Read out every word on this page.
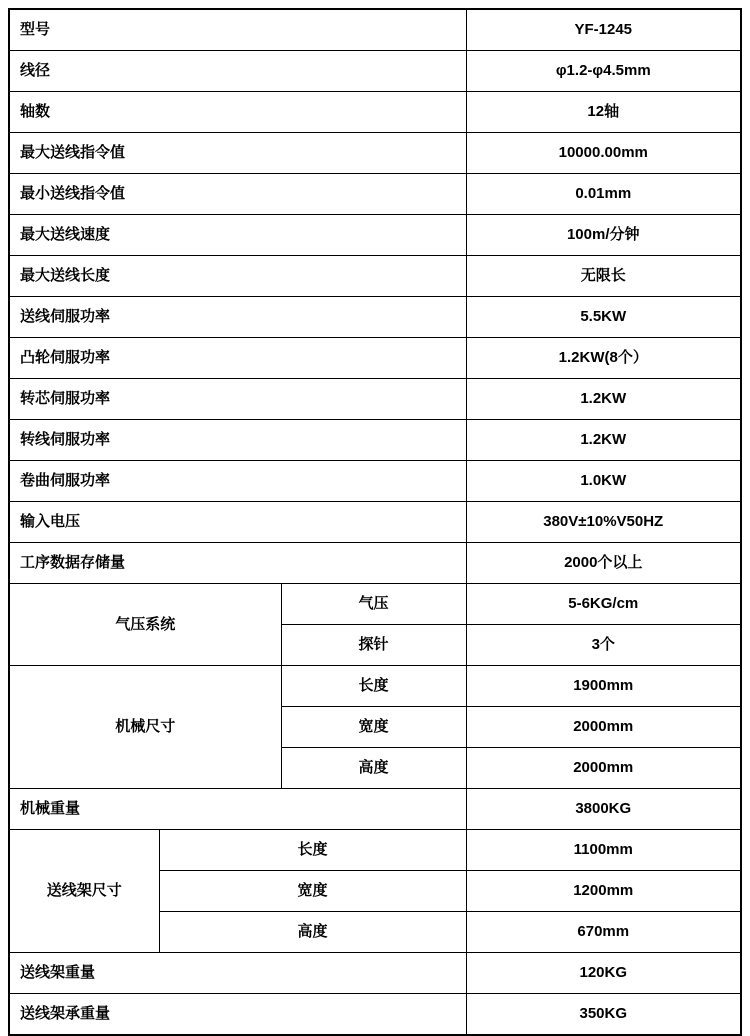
型号			YF-1245
线径			φ1.2-φ4.5mm
轴数			12轴
最大送线指令值			10000.00mm
最小送线指令值			0.01mm
最大送线速度			100m/分钟
最大送线长度			无限长
送线伺服功率			5.5KW
凸轮伺服功率			1.2KW(8个）
转芯伺服功率			1.2KW
转线伺服功率			1.2KW
卷曲伺服功率			1.0KW
输入电压			380V±10%V50HZ
工序数据存储量			2000个以上
气压系统		气压	5-6KG/cm
		探针	3个
机械尺寸		长度	1900mm
		宽度	2000mm
		高度	2000mm
机械重量			3800KG
送线架尺寸	长度		1100mm
	宽度		1200mm
	高度		670mm
送线架重量			120KG
送线架承重量			350KG
